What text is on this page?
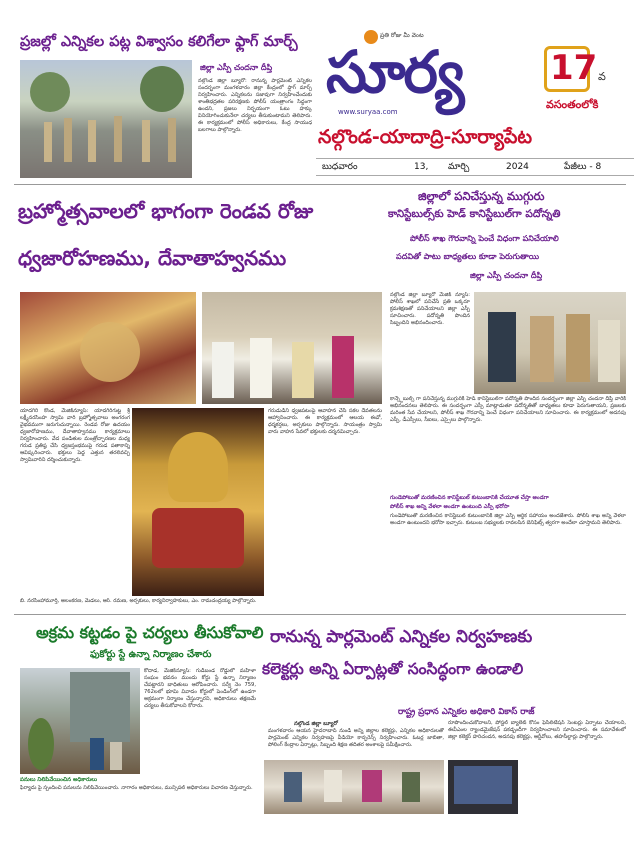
ప్రతి రోజు మీ వెంట
సూర్య
www.suryaa.com
17 వ
వసంతంలోకి
నల్గొండ-యాదాద్రి-సూర్యాపేట
బుధవారం	13, మార్చి	2024	పేజీలు - 8
ప్రజల్లో ఎన్నికల పట్ల విశ్వాసం కలిగేలా ఫ్లాగ్ మార్చ్
జిల్లా ఎస్పీ చందనా దీప్తి
నల్గొండ జిల్లా బ్యూరో: రానున్న పార్లమెంట్ ఎన్నికల సందర్భంగా మంగళవారం జిల్లా కేంద్రంలో ఫ్లాగ్ మార్చ్ నిర్వహించారు. ఎన్నికలను సజావుగా నిర్వహించేందుకు శాంతిభద్రతల పరిరక్షణకు పోలీస్ యంత్రాంగం సిద్ధంగా ఉందని, ప్రజలు నిర్భయంగా ఓటు హక్కు వినియోగించుకునేలా చర్యలు తీసుకుంటామని తెలిపారు. ఈ కార్యక్రమంలో పోలీస్ అధికారులు, కేంద్ర సాయుధ బలగాలు పాల్గొన్నారు.
బ్రహ్మోత్సవాలలో భాగంగా రెండవ రోజు
ధ్వజారోహణము, దేవాతాహ్వనము
యాదగిరి కొండ, మేజిక్‌న్యూస్: యాదగిరిగుట్ట శ్రీ లక్ష్మీనరసింహ స్వామి వారి బ్రహ్మోత్సవాలు అంగరంగ వైభవముగా జరుగుచున్నాయి. రెండవ రోజు ఉదయం ధ్వజారోహణము, దేవాతాహ్వనము కార్యక్రమాలు నిర్వహించారు. వేద పండితుల మంత్రోచ్ఛారణల మధ్య గరుడ ప్రతిష్ఠ చేసి ధ్వజస్తంభముపై గరుడ పతాకాన్ని ఆవిష్కరించారు. భక్తులు పెద్ద ఎత్తున తరలివచ్చి స్వామివారిని దర్శించుకున్నారు.
గరుడుడిని ధ్వజపటంపై ఆవాహన చేసి సకల దేవతలను ఆహ్వానించారు. ఈ కార్యక్రమంలో ఆలయ ఈవో, ధర్మకర్తలు, అర్చకులు పాల్గొన్నారు. సాయంత్రం స్వామి వారు వాహన సేవలో భక్తులకు దర్శనమిచ్చారు.
బి. నరసింహామూర్తి, అలంకరణ, మెడలు, ఆర్. రమణ, అర్చకులు, కార్యనిర్వాహకులు, ఎం. రామచంద్రయ్య పాల్గొన్నారు.
జిల్లాలో పనిచేస్తున్న ముగ్గురు
కానిస్టేబుల్స్‌కు హెడ్ కానిస్టేబుల్‌గా పదోన్నతి
పోలీస్ శాఖ గౌరవాన్ని పెంచే విధంగా పనిచేయాలి
పదవితో పాటు బాధ్యతలు కూడా పెరుగుతాయి
జిల్లా ఎస్పీ చందనా దీప్తి
నల్గొండ జిల్లా బ్యూరో మేజిక్ న్యూస్: పోలీస్ శాఖలో పనిచేసే ప్రతి ఒక్కరూ క్రమశిక్షణతో పనిచేయాలని జిల్లా ఎస్పీ సూచించారు. పదోన్నతి పొందిన సిబ్బందిని అభినందించారు.
కాన్స్టేబుల్స్ గా పనిచేస్తున్న ముగ్గురికి హెడ్ కానిస్టేబుల్‌గా పదోన్నతి పొందిన సందర్భంగా జిల్లా ఎస్పీ చందనా దీప్తి వారికి అభినందనలు తెలిపారు. ఈ సందర్భంగా ఎస్పీ మాట్లాడుతూ పదోన్నతితో బాధ్యతలు కూడా పెరుగుతాయని, ప్రజలకు మరింత సేవ చేయాలని, పోలీస్ శాఖ గౌరవాన్ని పెంచే విధంగా పనిచేయాలని సూచించారు. ఈ కార్యక్రమంలో అదనపు ఎస్పీ, డీఎస్పీలు, సీఐలు, ఎస్సైలు పాల్గొన్నారు.
గుండెపోటుతో మరణించిన కానిస్టేబుల్ కుటుంబానికి చేయూత చేస్తా అండగా
పోలీస్ శాఖ అన్ని వేళలా అండగా ఉంటుంది ఎస్పీ భరోసా
గుండెపోటుతో మరణించిన కానిస్టేబుల్ కుటుంబానికి జిల్లా ఎస్పీ ఆర్థిక సహాయం అందజేశారు. పోలీస్ శాఖ అన్ని వేళలా అండగా ఉంటుందని భరోసా ఇచ్చారు. కుటుంబ సభ్యులకు రావలసిన బెనిఫిట్స్ త్వరగా అందేలా చూస్తామని తెలిపారు.
అక్రమ కట్టడం పై చర్యలు తీసుకోవాలి
ఫుకోర్టు స్టే ఉన్నా నిర్మాణం చేశారు
కోదాడ, మేజిక్‌న్యూస్: గుడిబండ రోడ్డులో మహిళా సంఘం భవనం ముందు కోర్టు స్టే ఉన్నా నిర్మాణం చేపట్టారని బాధితులు ఆరోపించారు. సర్వే నెం 759, 762లలో భూమి వివాదం కోర్టులో పెండింగ్‌లో ఉండగా అక్రమంగా నిర్మాణం చేస్తున్నారని, అధికారులు తక్షణమే చర్యలు తీసుకోవాలని కోరారు.
పనులు నిలిపివేయించిన అధికారులు
ఫిర్యాదు పై స్పందించి పనులను నిలిపివేయించారు. నాగారం అధికారులు, మున్సిపల్ అధికారులు విచారణ చేస్తున్నారు.
రానున్న పార్లమెంట్ ఎన్నికల నిర్వహణకు
కలెక్టర్లు అన్ని ఏర్పాట్లతో సంసిద్ధంగా ఉండాలి
రాష్ట్ర ప్రధాన ఎన్నికల అధికారి వికాస్ రాజ్
నల్గొండ జిల్లా బ్యూరో
మంగళవారం ఆయన హైదరాబాద్ నుండి అన్ని జిల్లాల కలెక్టర్లు, ఎన్నికల అధికారులతో పార్లమెంట్ ఎన్నికల నిర్వహణపై వీడియో కాన్ఫరెన్స్ నిర్వహించారు. ఓటర్ల జాబితా, పోలింగ్ కేంద్రాల ఏర్పాట్లు, సిబ్బంది శిక్షణ తదితర అంశాలపై సమీక్షించారు.
రూపొందించుకోవాలని, పోస్టల్ బ్యాలెట్ కోసం ఫెసిలిటేషన్ సెంటర్లు ఏర్పాటు చేయాలని, ఈవీఎంల ర్యాండమైజేషన్ పకడ్బందీగా నిర్వహించాలని సూచించారు. ఈ సమావేశంలో జిల్లా కలెక్టర్ హరిచందన, అదనపు కలెక్టర్లు, ఆర్డీవోలు, తహసీల్దార్లు పాల్గొన్నారు.
